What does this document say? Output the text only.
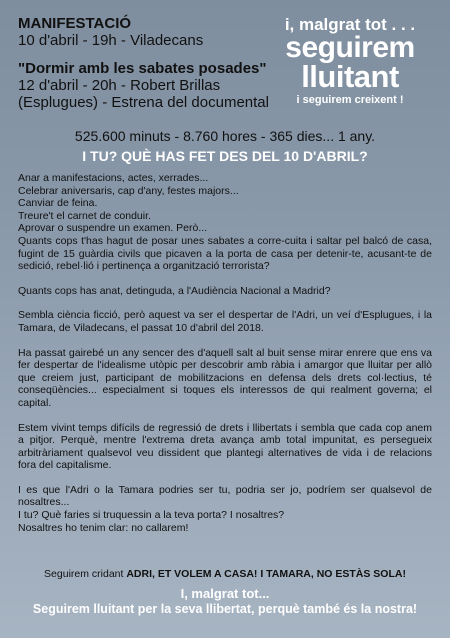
MANIFESTACIÓ
10 d'abril - 19h - Viladecans
"Dormir amb les sabates posades"
12 d'abril - 20h - Robert Brillas
(Esplugues) - Estrena del documental
i, malgrat tot . . .
seguirem
lluitant
i seguirem creixent !
525.600 minuts - 8.760 hores - 365 dies... 1 any.
I TU? QUÈ HAS FET DES DEL 10 D'ABRIL?

Anar a manifestacions, actes, xerrades...

Celebrar aniversaris, cap d'any, festes majors...

Canviar de feina.

Treure't el carnet de conduir.

Aprovar o suspendre un examen. Però...

Quants cops t'has hagut de posar unes sabates a corre-cuita i saltar pel balcó de casa, fugint de 15 guàrdia civils que picaven a la porta de casa per detenir-te, acusant-te de sedició, rebel·lió i pertinença a organització terrorista?

Quants cops has anat, detinguda, a l'Audiència Nacional a Madrid?

Sembla ciència ficció, però aquest va ser el despertar de l'Adri, un veí d'Esplugues, i la Tamara, de Viladecans, el passat 10 d'abril del 2018.

Ha passat gairebé un any sencer des d'aquell salt al buit sense mirar enrere que ens va fer despertar de l'idealisme utòpic per descobrir amb ràbia i amargor que lluitar per allò que creiem just, participant de mobilitzacions en defensa dels drets col·lectius, té conseqüències... especialment si toques els interessos de qui realment governa; el capital.

Estem vivint temps difícils de regressió de drets i llibertats i sembla que cada cop anem a pitjor. Perquè, mentre l'extrema dreta avança amb total impunitat, es persegueix arbitràriament qualsevol veu dissident que plantegi alternatives de vida i de relacions fora del capitalisme.

I es que l'Adri o la Tamara podries ser tu, podria ser jo, podríem ser qualsevol de nosaltres...

I tu? Què faries si truquessin a la teva porta? I nosaltres?

Nosaltres ho tenim clar: no callarem!

Seguirem cridant ADRI, ET VOLEM A CASA! I TAMARA, NO ESTÀS SOLA!
I, malgrat tot...
Seguirem lluitant per la seva llibertat, perquè també és la nostra!
